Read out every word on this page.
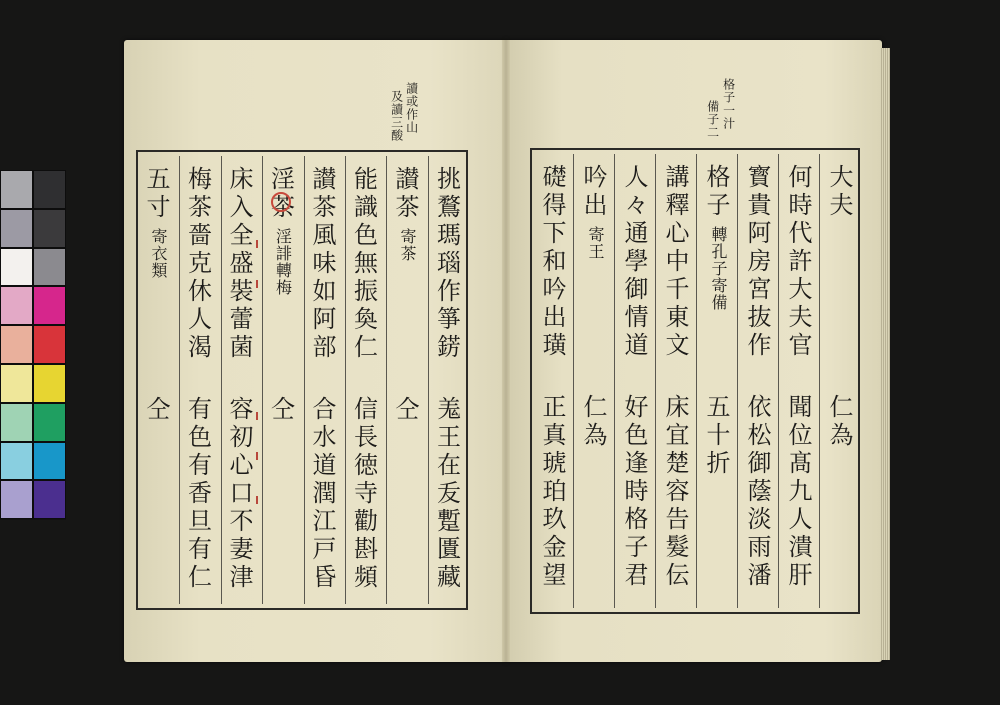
讀
或
作
山
及
讀
三
酸
挑鶩瑪瑙作箏錺
羗王在叐蹔匱藏
讃茶
寄茶
仝
能識色無振奐仁
信長徳寺勸斟頻
讃茶風味如阿部
合水道潤江戸昏
淫茶
淫誹轉梅
仝
床入全盛裝蕾菌
容初心口不妻津
梅茶嗇克休人渴
有色有香旦有仁
五寸
寄衣類
仝
格
子
一
汁
備
子
二
大夫
仁為
何時代許大夫官
聞位髙九人潰肝
寳貴阿房宮抜作
依松御蔭淡雨潘
格子
轉孔子寄備
五十折
講釋心中千東文
床宜楚容告髮伝
人々通學御情道
好色逢時格子君
吟出
寄王
仁為
礎得下和吟出璜
正真琥珀玖金望
